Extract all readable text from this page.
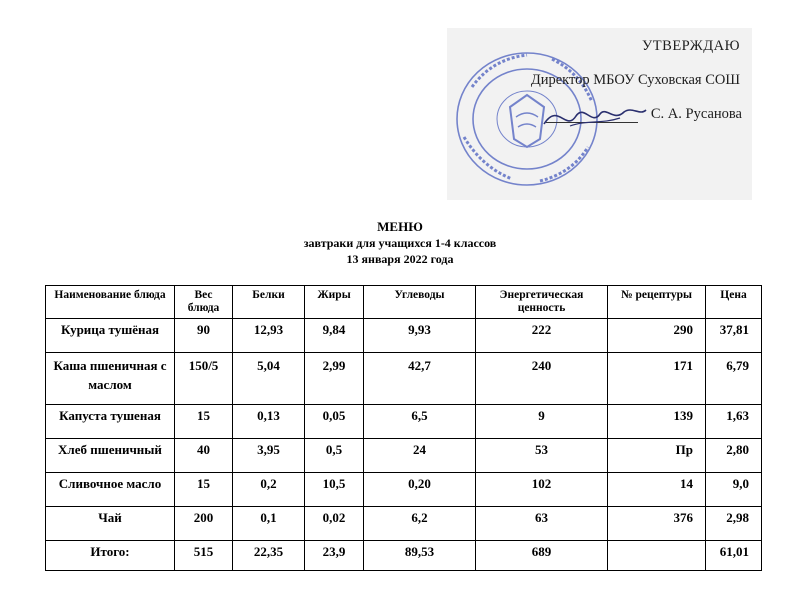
УТВЕРЖДАЮ
Директор МБОУ Суховская СОШ
С. А. Русанова
МЕНЮ
завтраки для учащихся 1-4 классов
13 января 2022 года
Наименование блюда	Вес блюда	Белки	Жиры	Углеводы	Энергетическая ценность	№ рецептуры	Цена
Курица тушёная	90	12,93	9,84	9,93	222	290	37,81
Каша пшеничная с маслом	150/5	5,04	2,99	42,7	240	171	6,79
Капуста тушеная	15	0,13	0,05	6,5	9	139	1,63
Хлеб пшеничный	40	3,95	0,5	24	53	Пр	2,80
Сливочное масло	15	0,2	10,5	0,20	102	14	9,0
Чай	200	0,1	0,02	6,2	63	376	2,98
Итого:	515	22,35	23,9	89,53	689		61,01
